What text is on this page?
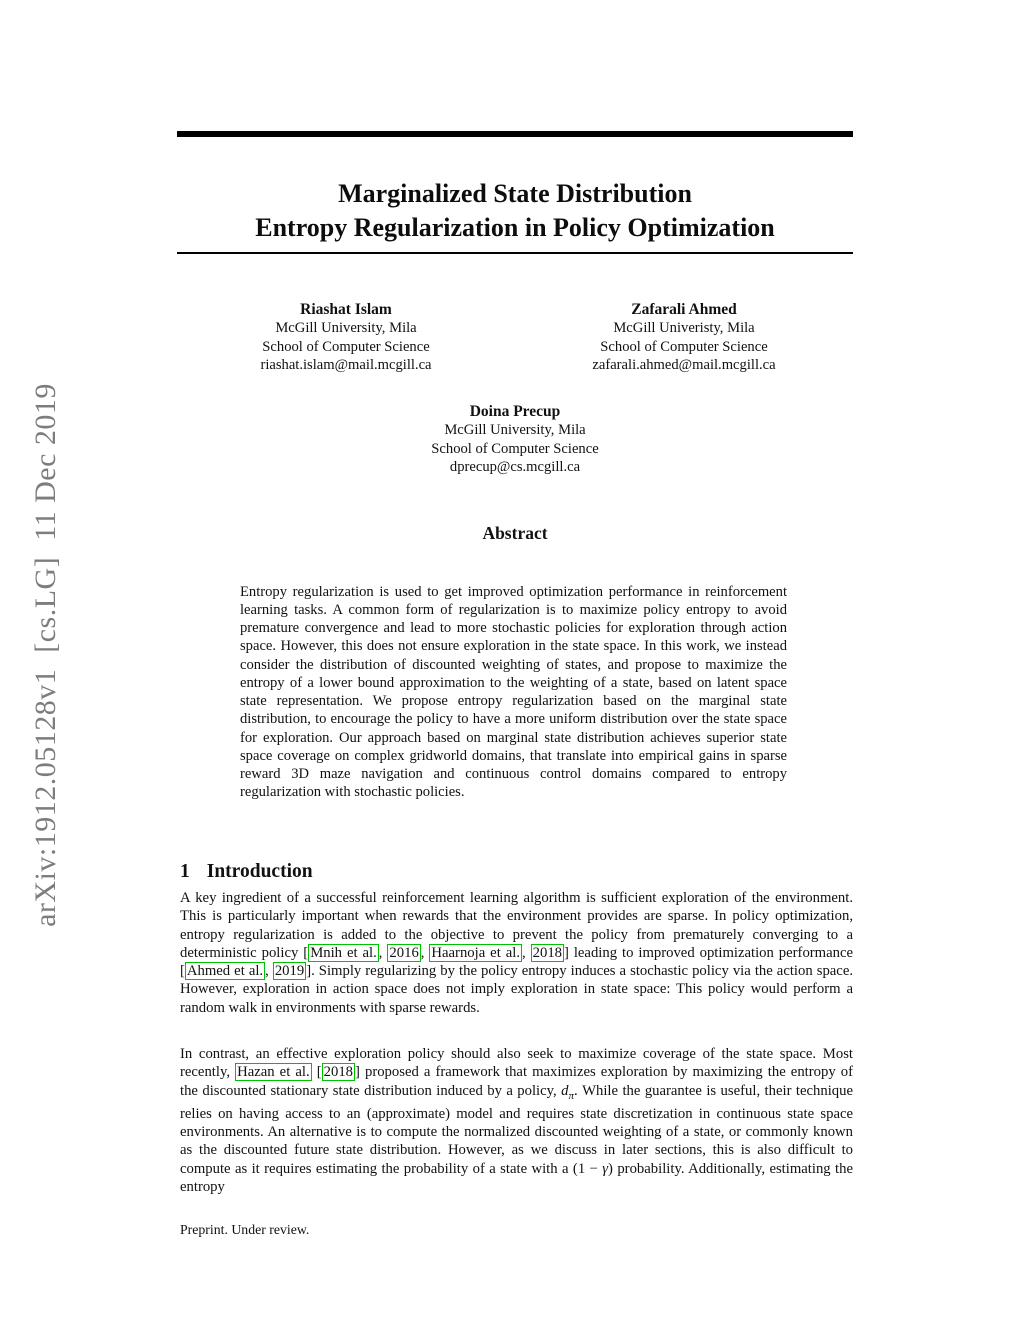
arXiv:1912.05128v1  [cs.LG]  11 Dec 2019
Marginalized State Distribution
Entropy Regularization in Policy Optimization
Riashat Islam
McGill University, Mila
School of Computer Science
riashat.islam@mail.mcgill.ca
Zafarali Ahmed
McGill Univeristy, Mila
School of Computer Science
zafarali.ahmed@mail.mcgill.ca
Doina Precup
McGill University, Mila
School of Computer Science
dprecup@cs.mcgill.ca
Abstract

Entropy regularization is used to get improved optimization performance in reinforcement learning tasks. A common form of regularization is to maximize policy entropy to avoid premature convergence and lead to more stochastic policies for exploration through action space. However, this does not ensure exploration in the state space. In this work, we instead consider the distribution of discounted weighting of states, and propose to maximize the entropy of a lower bound approximation to the weighting of a state, based on latent space state representation. We propose entropy regularization based on the marginal state distribution, to encourage the policy to have a more uniform distribution over the state space for exploration. Our approach based on marginal state distribution achieves superior state space coverage on complex gridworld domains, that translate into empirical gains in sparse reward 3D maze navigation and continuous control domains compared to entropy regularization with stochastic policies.

1 Introduction

A key ingredient of a successful reinforcement learning algorithm is sufficient exploration of the environment. This is particularly important when rewards that the environment provides are sparse. In policy optimization, entropy regularization is added to the objective to prevent the policy from prematurely converging to a deterministic policy [ Mnih et al. , 2016 , Haarnoja et al. , 2018 ] leading to improved optimization performance [ Ahmed et al. , 2019 ]. Simply regularizing by the policy entropy induces a stochastic policy via the action space. However, exploration in action space does not imply exploration in state space: This policy would perform a random walk in environments with sparse rewards.

In contrast, an effective exploration policy should also seek to maximize coverage of the state space. Most recently, Hazan et al. [ 2018 ] proposed a framework that maximizes exploration by maximizing the entropy of the discounted stationary state distribution induced by a policy, $d_\pi$. While the guarantee is useful, their technique relies on having access to an (approximate) model and requires state discretization in continuous state space environments. An alternative is to compute the normalized discounted weighting of a state, or commonly known as the discounted future state distribution. However, as we discuss in later sections, this is also difficult to compute as it requires estimating the probability of a state with a (1 − γ) probability. Additionally, estimating the entropy

Preprint. Under review.
